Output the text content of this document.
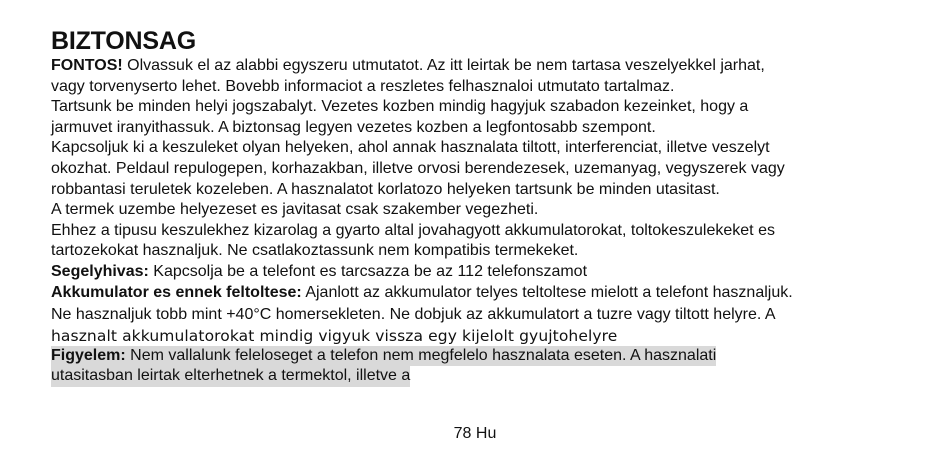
BIZTONSAG

FONTOS! Olvassuk el az alabbi egyszeru utmutatot. Az itt leirtak be nem tartasa veszelyekkel jarhat,

vagy torvenyserto lehet. Bovebb informaciot a reszletes felhasznaloi utmutato tartalmaz.

Tartsunk be minden helyi jogszabalyt. Vezetes kozben mindig hagyjuk szabadon kezeinket, hogy a

jarmuvet iranyithassuk. A biztonsag legyen vezetes kozben a legfontosabb szempont.

Kapcsoljuk ki a keszuleket olyan helyeken, ahol annak hasznalata tiltott, interferenciat, illetve veszelyt

okozhat. Peldaul repulogepen, korhazakban, illetve orvosi berendezesek, uzemanyag, vegyszerek vagy

robbantasi teruletek kozeleben. A hasznalatot korlatozo helyeken tartsunk be minden utasitast.

A termek uzembe helyezeset es javitasat csak szakember vegezheti.

Ehhez a tipusu keszulekhez kizarolag a gyarto altal jovahagyott akkumulatorokat, toltokeszulekeket es

tartozekokat hasznaljuk. Ne csatlakoztassunk nem kompatibis termekeket.

Segelyhivas: Kapcsolja be a telefont es tarcsazza be az 112 telefonszamot

Akkumulator es ennek feltoltese: Ajanlott az akkumulator telyes teltoltese mielott a telefont hasznaljuk.

Ne hasznaljuk tobb mint +40°C homersekleten. Ne dobjuk az akkumulatort a tuzre vagy tiltott helyre. A

hasznalt akkumulatorokat mindig vigyuk vissza egy kijelolt gyujtohelyre

Figyelem: Nem vallalunk feleloseget a telefon nem megfelelo hasznalata eseten. A hasznalati

utasitasban leirtak elterhetnek a termektol, illetve a

78 Hu
